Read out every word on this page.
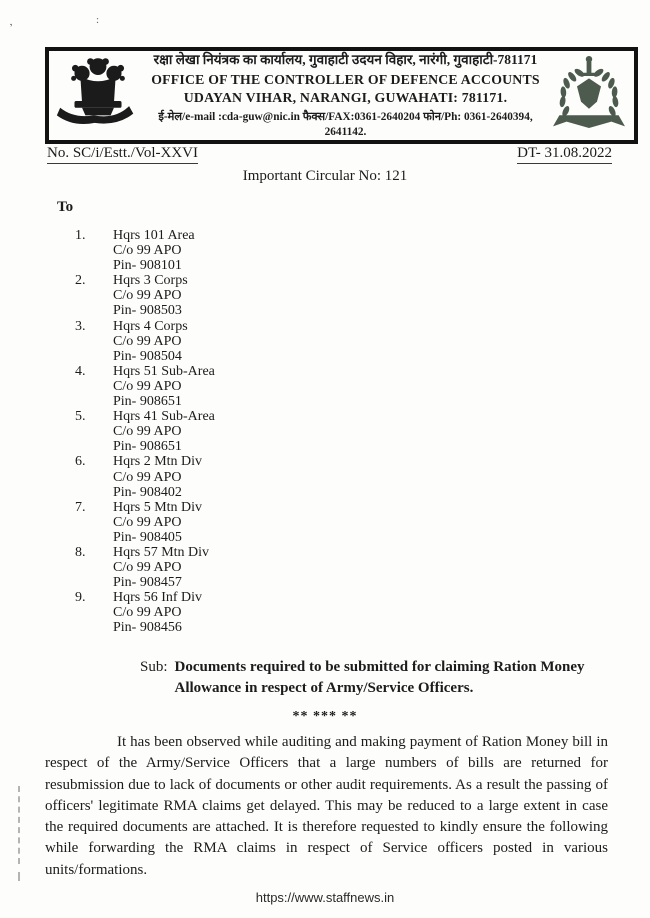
’
:
रक्षा लेखा नियंत्रक का कार्यालय, गुवाहाटी उदयन विहार, नारंगी, गुवाहाटी-781171
OFFICE OF THE CONTROLLER OF DEFENCE ACCOUNTS
UDAYAN VIHAR, NARANGI, GUWAHATI: 781171.
ई-मेल/e-mail :cda-guw@nic.in फैक्स/FAX:0361-2640204 फोन/Ph: 0361-2640394, 2641142.
No. SC/i/Estt./Vol-XXVI	DT- 31.08.2022
Important Circular No: 121
To
1.	Hqrs 101 Area
C/o 99 APO
Pin- 908101
2.	Hqrs 3 Corps
C/o 99 APO
Pin- 908503
3.	Hqrs 4 Corps
C/o 99 APO
Pin- 908504
4.	Hqrs 51 Sub-Area
C/o 99 APO
Pin- 908651
5.	Hqrs 41 Sub-Area
C/o 99 APO
Pin- 908651
6.	Hqrs 2 Mtn Div
C/o 99 APO
Pin- 908402
7.	Hqrs 5 Mtn Div
C/o 99 APO
Pin- 908405
8.	Hqrs 57 Mtn Div
C/o 99 APO
Pin- 908457
9.	Hqrs 56 Inf Div
C/o 99 APO
Pin- 908456
Sub: Documents required to be submitted for claiming Ration Money Allowance in respect of Army/Service Officers.
** *** **
It has been observed while auditing and making payment of Ration Money bill in respect of the Army/Service Officers that a large numbers of bills are returned for resubmission due to lack of documents or other audit requirements. As a result the passing of officers' legitimate RMA claims get delayed. This may be reduced to a large extent in case the required documents are attached. It is therefore requested to kindly ensure the following while forwarding the RMA claims in respect of Service officers posted in various units/formations.
https://www.staffnews.in
